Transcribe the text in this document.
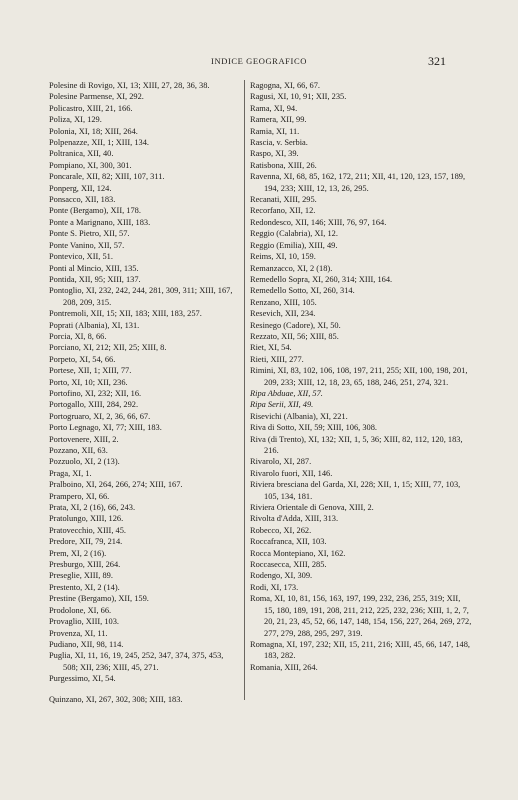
INDICE GEOGRAFICO	321
Polesine di Rovigo, XI, 13; XIII, 27, 28, 36, 38.
Polesine Parmense, XI, 292.
Policastro, XIII, 21, 166.
Poliza, XI, 129.
Polonia, XI, 18; XIII, 264.
Polpenazze, XII, 1; XIII, 134.
Poltranica, XII, 40.
Pompiano, XI, 300, 301.
Poncarale, XII, 82; XIII, 107, 311.
Ponperg, XII, 124.
Ponsacco, XII, 183.
Ponte (Bergamo), XII, 178.
Ponte a Marignano, XIII, 183.
Ponte S. Pietro, XII, 57.
Ponte Vanino, XII, 57.
Pontevico, XII, 51.
Ponti al Mincio, XIII, 135.
Pontida, XII, 95; XIII, 137.
Pontoglio, XI, 232, 242, 244, 281, 309, 311; XIII, 167, 208, 209, 315.
Pontremoli, XII, 15; XII, 183; XIII, 183, 257.
Poprati (Albania), XI, 131.
Porcia, XI, 8, 66.
Porciano, XI, 212; XII, 25; XIII, 8.
Porpeto, XI, 54, 66.
Portese, XII, 1; XIII, 77.
Porto, XI, 10; XII, 236.
Portofino, XI, 232; XII, 16.
Portogallo, XIII, 284, 292.
Portogruaro, XI, 2, 36, 66, 67.
Porto Legnago, XI, 77; XIII, 183.
Portovenere, XIII, 2.
Pozzano, XII, 63.
Pozzuolo, XI, 2 (13).
Praga, XI, 1.
Pralboino, XI, 264, 266, 274; XIII, 167.
Prampero, XI, 66.
Prata, XI, 2 (16), 66, 243.
Pratolungo, XIII, 126.
Pratovecchio, XIII, 45.
Predore, XII, 79, 214.
Prem, XI, 2 (16).
Presburgo, XIII, 264.
Preseglie, XIII, 89.
Prestento, XI, 2 (14).
Prestine (Bergamo), XII, 159.
Prodolone, XI, 66.
Provaglio, XIII, 103.
Provenza, XI, 11.
Pudiano, XII, 98, 114.
Puglia, XI, 11, 16, 19, 245, 252, 347, 374, 375, 453, 508; XII, 236; XIII, 45, 271.
Purgessimo, XI, 54.
Quinzano, XI, 267, 302, 308; XIII, 183.
Ragogna, XI, 66, 67.
Ragusi, XI, 10, 91; XII, 235.
Rama, XI, 94.
Ramera, XII, 99.
Ramia, XI, 11.
Rascia, v. Serbia.
Raspo, XI, 39.
Ratisbona, XIII, 26.
Ravenna, XI, 68, 85, 162, 172, 211; XII, 41, 120, 123, 157, 189, 194, 233; XIII, 12, 13, 26, 295.
Recanati, XIII, 295.
Recorfano, XII, 12.
Redondesco, XII, 146; XIII, 76, 97, 164.
Reggio (Calabria), XI, 12.
Reggio (Emilia), XIII, 49.
Reims, XI, 10, 159.
Remanzacco, XI, 2 (18).
Remedello Sopra, XI, 260, 314; XIII, 164.
Remedello Sotto, XI, 260, 314.
Renzano, XIII, 105.
Resevich, XII, 234.
Resinego (Cadore), XI, 50.
Rezzato, XII, 56; XIII, 85.
Riet, XI, 54.
Rieti, XIII, 277.
Rimini, XI, 83, 102, 106, 108, 197, 211, 255; XII, 100, 198, 201, 209, 233; XIII, 12, 18, 23, 65, 188, 246, 251, 274, 321.
Ripa Abduae, XII, 57.
Ripa Serii, XII, 49.
Risevichi (Albania), XI, 221.
Riva di Sotto, XII, 59; XIII, 106, 308.
Riva (di Trento), XI, 132; XII, 1, 5, 36; XIII, 82, 112, 120, 183, 216.
Rivarolo, XI, 287.
Rivarolo fuori, XII, 146.
Riviera bresciana del Garda, XI, 228; XII, 1, 15; XIII, 77, 103, 105, 134, 181.
Riviera Orientale di Genova, XIII, 2.
Rivolta d'Adda, XIII, 313.
Robecco, XI, 262.
Roccafranca, XII, 103.
Rocca Montepiano, XI, 162.
Roccasecca, XIII, 285.
Rodengo, XI, 309.
Rodi, XI, 173.
Roma, XI, 10, 81, 156, 163, 197, 199, 232, 236, 255, 319; XII, 15, 180, 189, 191, 208, 211, 212, 225, 232, 236; XIII, 1, 2, 7, 20, 21, 23, 45, 52, 66, 147, 148, 154, 156, 227, 264, 269, 272, 277, 279, 288, 295, 297, 319.
Romagna, XI, 197, 232; XII, 15, 211, 216; XIII, 45, 66, 147, 148, 183, 282.
Romania, XIII, 264.
